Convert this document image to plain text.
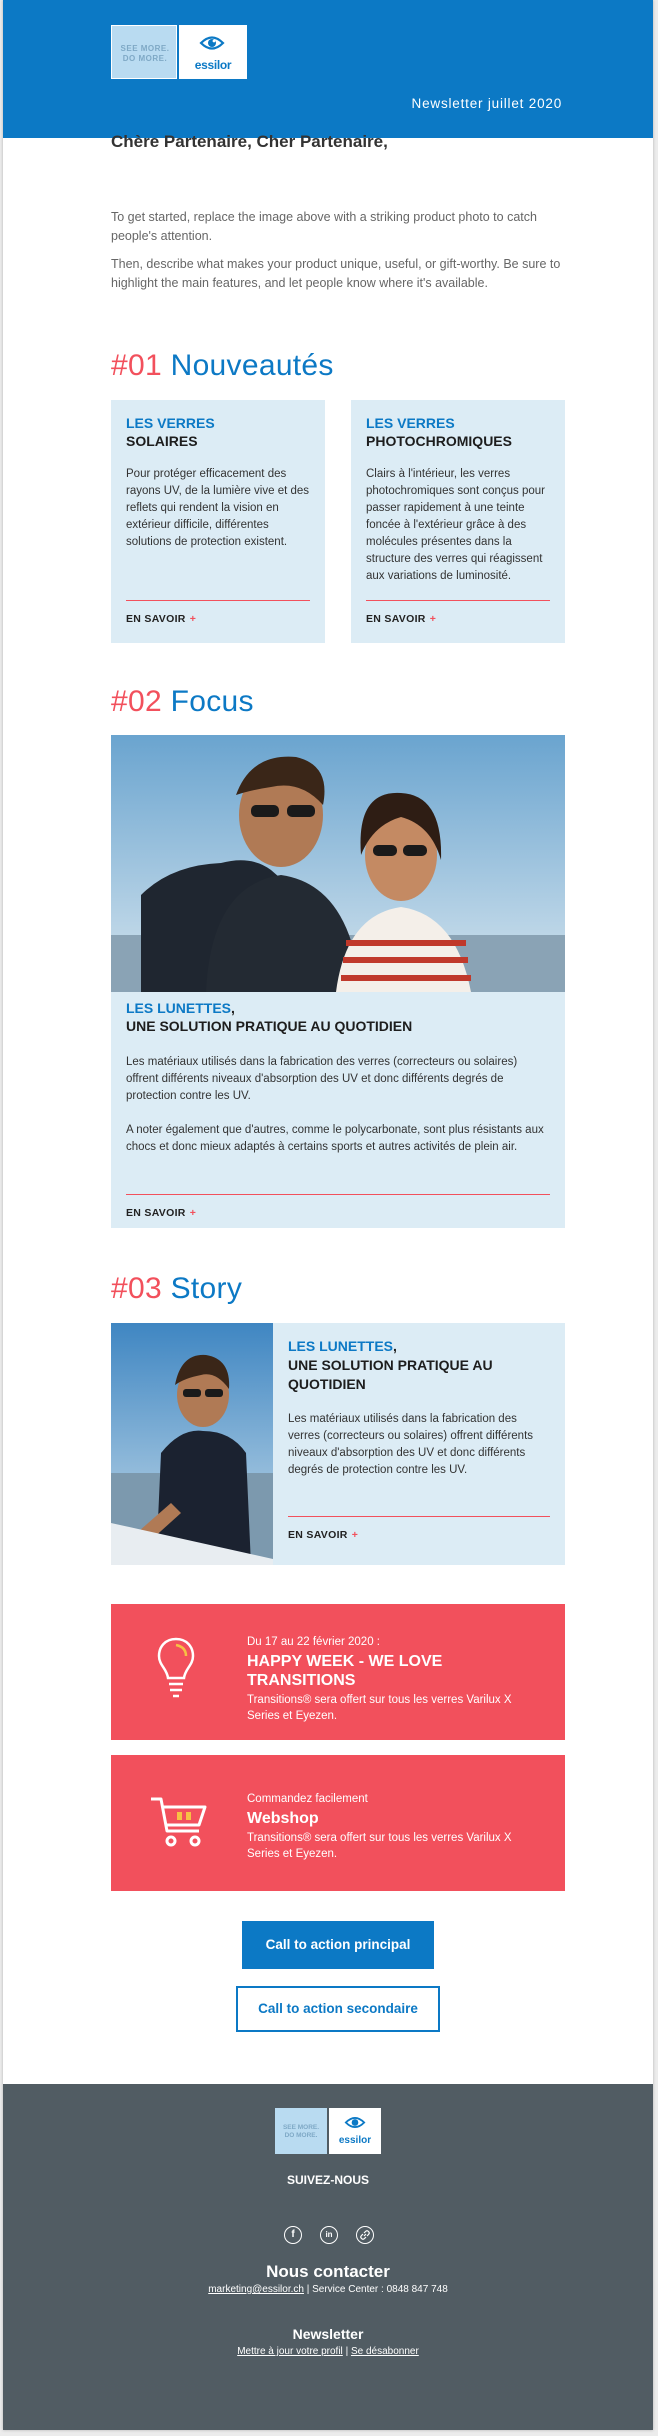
SEE MORE.
DO MORE.	essilor
Newsletter juillet 2020
Chère Partenaire, Cher Partenaire,
To get started, replace the image above with a striking product photo to catch people's attention.
Then, describe what makes your product unique, useful, or gift-worthy. Be sure to highlight the main features, and let people know where it's available.
#01 Nouveautés
LES VERRES
SOLAIRES
Pour protéger efficacement des rayons UV, de la lumière vive et des reflets qui rendent la vision en extérieur difficile, différentes solutions de protection existent.
EN SAVOIR +
LES VERRES
PHOTOCHROMIQUES
Clairs à l'intérieur, les verres photochromiques sont conçus pour passer rapidement à une teinte foncée à l'extérieur grâce à des molécules présentes dans la structure des verres qui réagissent aux variations de luminosité.
EN SAVOIR +
#02 Focus
LES LUNETTES,
UNE SOLUTION PRATIQUE AU QUOTIDIEN
Les matériaux utilisés dans la fabrication des verres (correcteurs ou solaires) offrent différents niveaux d'absorption des UV et donc différents degrés de protection contre les UV.
A noter également que d'autres, comme le polycarbonate, sont plus résistants aux chocs et donc mieux adaptés à certains sports et autres activités de plein air.
EN SAVOIR +
#03 Story
LES LUNETTES,
UNE SOLUTION PRATIQUE AU QUOTIDIEN
Les matériaux utilisés dans la fabrication des verres (correcteurs ou solaires) offrent différents niveaux d'absorption des UV et donc différents degrés de protection contre les UV.
EN SAVOIR +
Du 17 au 22 février 2020 :
HAPPY WEEK - WE LOVE TRANSITIONS
Transitions® sera offert sur tous les verres Varilux X Series et Eyezen.
Commandez facilement
Webshop
Transitions® sera offert sur tous les verres Varilux X Series et Eyezen.
Call to action principal
Call to action secondaire
SEE MORE.
DO MORE.	essilor
SUIVEZ-NOUS
f	in
Nous contacter
marketing@essilor.ch | Service Center : 0848 847 748
Newsletter
Mettre à jour votre profil | Se désabonner
